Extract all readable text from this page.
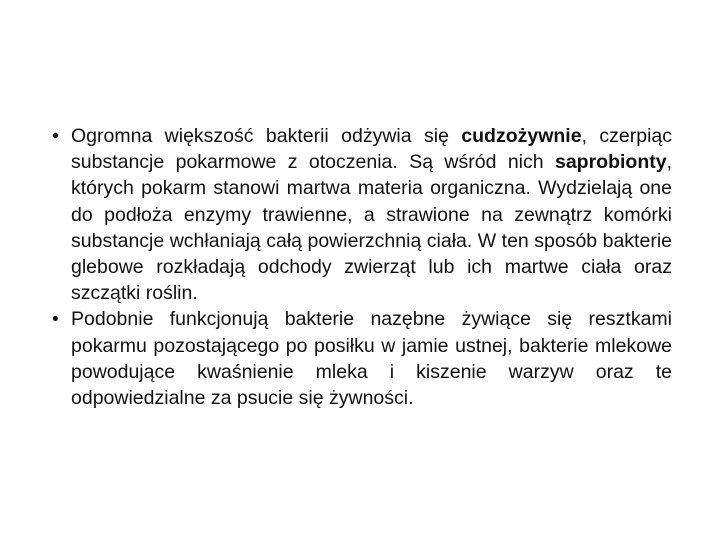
• Ogromna większość bakterii odżywia się cudzożywnie, czerpiąc substancje pokarmowe z otoczenia. Są wśród nich saprobionty, których pokarm stanowi martwa materia organiczna. Wydzielają one do podłoża enzymy trawienne, a strawione na zewnątrz komórki substancje wchłaniają całą powierzchnią ciała. W ten sposób bakterie glebowe rozkładają odchody zwierząt lub ich martwe ciała oraz szczątki roślin.
• Podobnie funkcjonują bakterie nazębne żywiące się resztkami pokarmu pozostającego po posiłku w jamie ustnej, bakterie mlekowe powodujące kwaśnienie mleka i kiszenie warzyw oraz te odpowiedzialne za psucie się żywności.
